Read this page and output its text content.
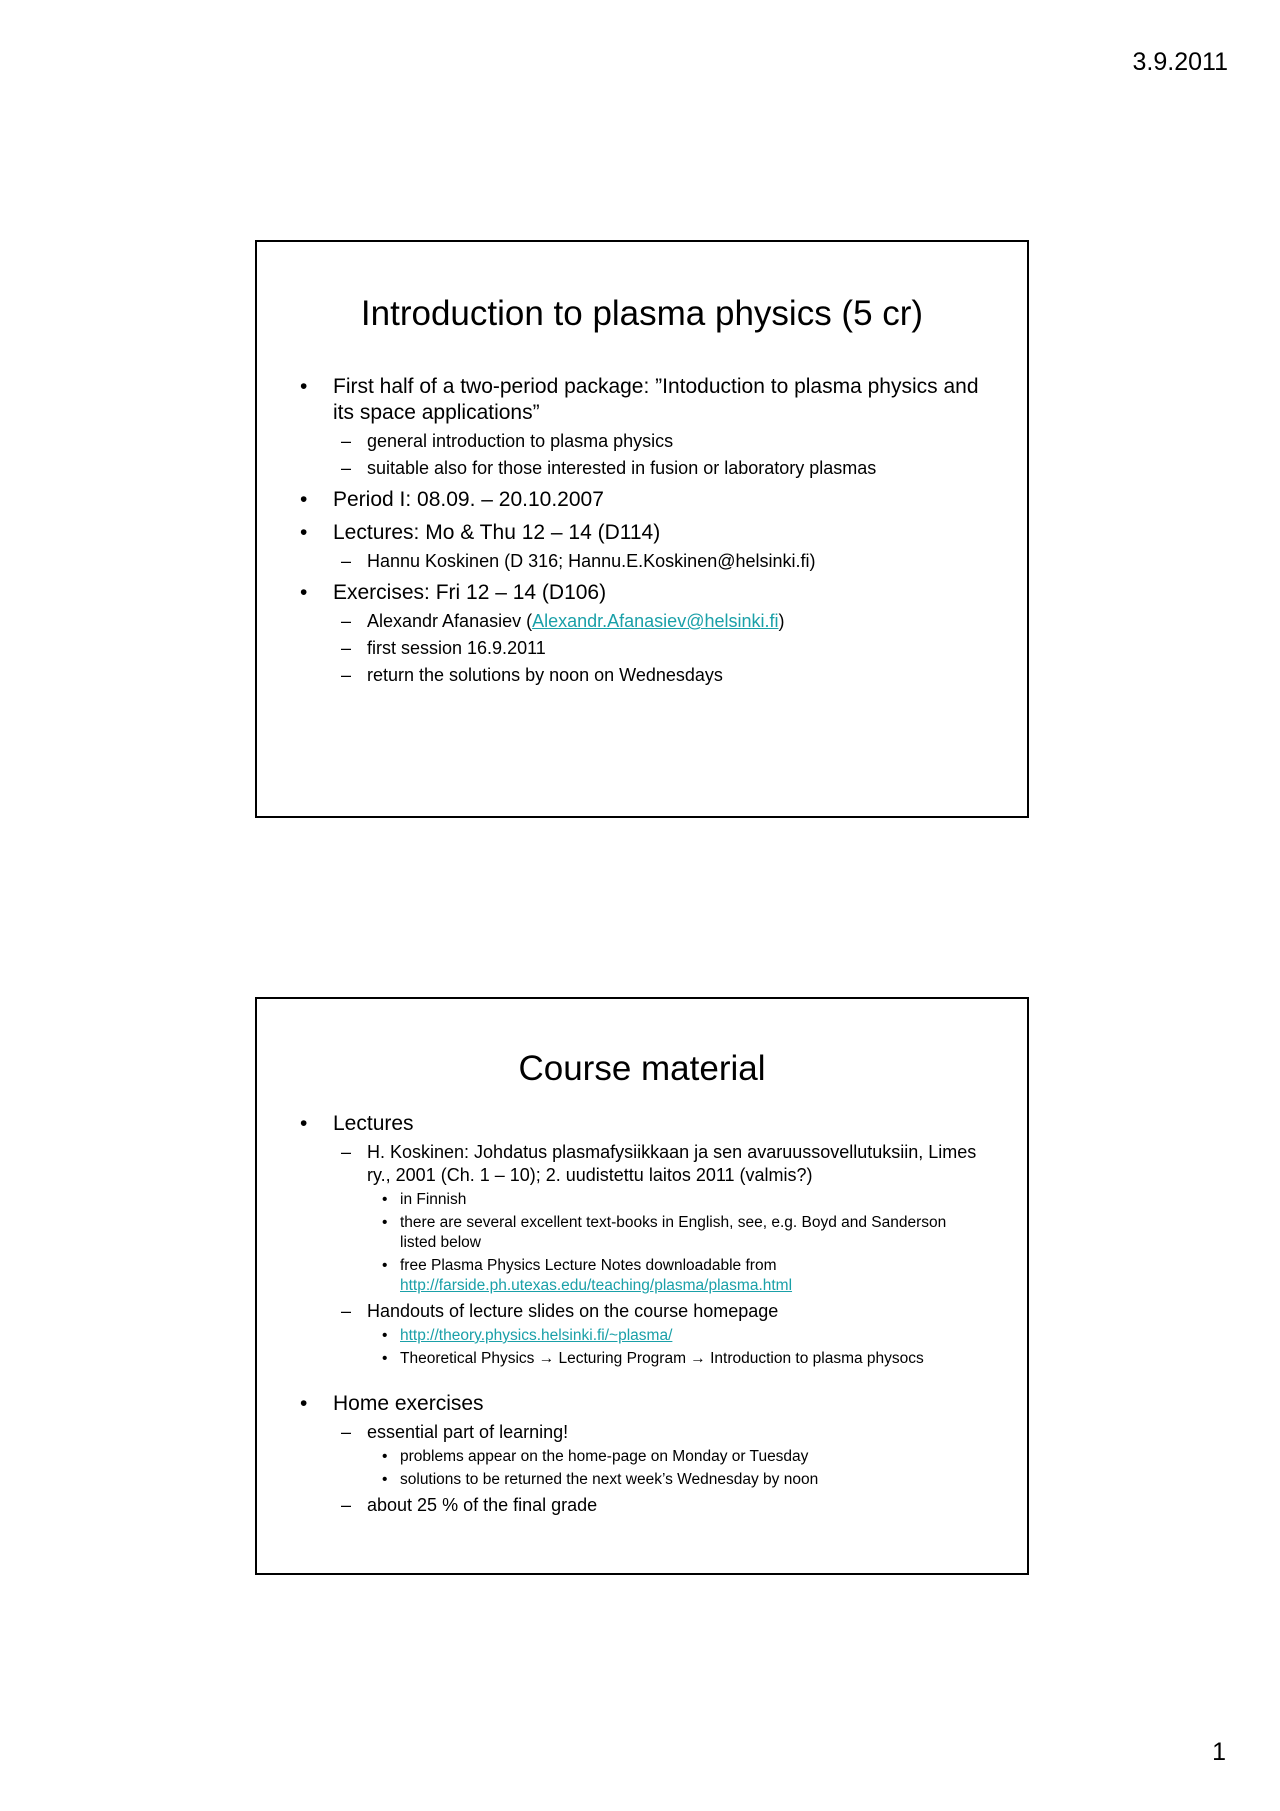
3.9.2011
Introduction to plasma physics (5 cr)
• First half of a two-period package: ”Intoduction to plasma physics and its space applications”
– general introduction to plasma physics
– suitable also for those interested in fusion or laboratory plasmas
• Period I: 08.09. – 20.10.2007
• Lectures: Mo & Thu 12 – 14 (D114)
– Hannu Koskinen (D 316; Hannu.E.Koskinen@helsinki.fi)
• Exercises: Fri 12 – 14 (D106)
– Alexandr Afanasiev (Alexandr.Afanasiev@helsinki.fi)
– first session 16.9.2011
– return the solutions by noon on Wednesdays
Course material
• Lectures
– H. Koskinen: Johdatus plasmafysiikkaan ja sen avaruussovellutuksiin, Limes ry., 2001 (Ch. 1 – 10); 2. uudistettu laitos 2011 (valmis?)
• in Finnish
• there are several excellent text-books in English, see, e.g. Boyd and Sanderson listed below
• free Plasma Physics Lecture Notes downloadable from
http://farside.ph.utexas.edu/teaching/plasma/plasma.html
– Handouts of lecture slides on the course homepage
• http://theory.physics.helsinki.fi/~plasma/
• Theoretical Physics → Lecturing Program → Introduction to plasma physocs
• Home exercises
– essential part of learning!
• problems appear on the home-page on Monday or Tuesday
• solutions to be returned the next week’s Wednesday by noon
– about 25 % of the final grade
1
